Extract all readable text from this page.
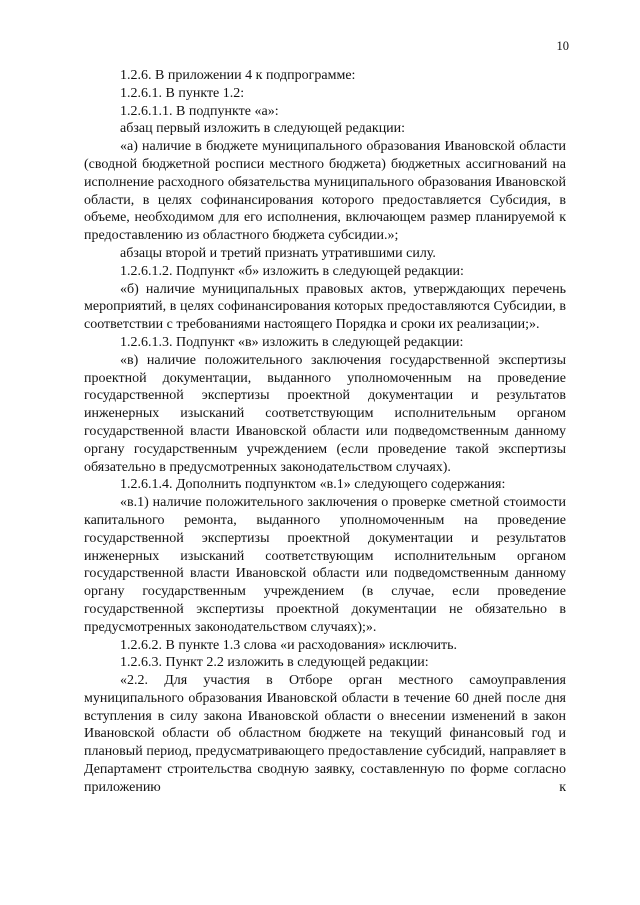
10

1.2.6. В приложении 4 к подпрограмме:

1.2.6.1. В пункте 1.2:

1.2.6.1.1. В подпункте «а»:

абзац первый изложить в следующей редакции:

«а) наличие в бюджете муниципального образования Ивановской области (сводной бюджетной росписи местного бюджета) бюджетных ассигнований на исполнение расходного обязательства муниципального образования Ивановской области, в целях софинансирования которого предоставляется Субсидия, в объеме, необходимом для его исполнения, включающем размер планируемой к предоставлению из областного бюджета субсидии.»;

абзацы второй и третий признать утратившими силу.

1.2.6.1.2. Подпункт «б» изложить в следующей редакции:

«б) наличие муниципальных правовых актов, утверждающих перечень мероприятий, в целях софинансирования которых предоставляются Субсидии, в соответствии с требованиями настоящего Порядка и сроки их реализации;».

1.2.6.1.3. Подпункт «в» изложить в следующей редакции:

«в) наличие положительного заключения государственной экспертизы проектной документации, выданного уполномоченным на проведение государственной экспертизы проектной документации и результатов инженерных изысканий соответствующим исполнительным органом государственной власти Ивановской области или подведомственным данному органу государственным учреждением (если проведение такой экспертизы обязательно в предусмотренных законодательством случаях).

1.2.6.1.4. Дополнить подпунктом «в.1» следующего содержания:

«в.1) наличие положительного заключения о проверке сметной стоимости капитального ремонта, выданного уполномоченным на проведение государственной экспертизы проектной документации и результатов инженерных изысканий соответствующим исполнительным органом государственной власти Ивановской области или подведомственным данному органу государственным учреждением (в случае, если проведение государственной экспертизы проектной документации не обязательно в предусмотренных законодательством случаях);».

1.2.6.2. В пункте 1.3 слова «и расходования» исключить.

1.2.6.3. Пункт 2.2 изложить в следующей редакции:

«2.2. Для участия в Отборе орган местного самоуправления муниципального образования Ивановской области в течение 60 дней после дня вступления в силу закона Ивановской области о внесении изменений в закон Ивановской области об областном бюджете на текущий финансовый год и плановый период, предусматривающего предоставление субсидий, направляет в Департамент строительства сводную заявку, составленную по форме согласно приложению к
